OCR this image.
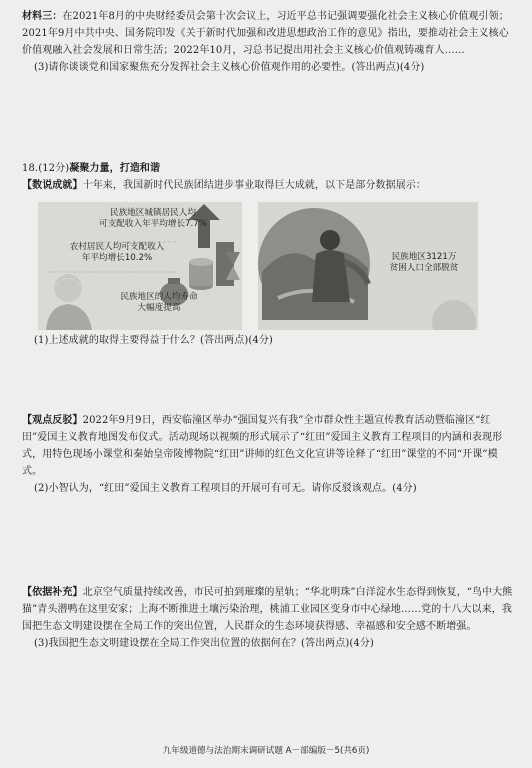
材料三：在2021年8月的中央财经委员会第十次会议上，习近平总书记强调要强化社会主义核心价值观引领；2021年9月中共中央、国务院印发《关于新时代加强和改进思想政治工作的意见》指出，要推动社会主义核心价值观融入社会发展和日常生活；2022年10月，习总书记提出用社会主义核心价值观铸魂育人……

(3)请你谈谈党和国家聚焦充分发挥社会主义核心价值观作用的必要性。(答出两点)(4分)

18.(12分)凝聚力量，打造和谐

【数说成就】十年来，我国新时代民族团结进步事业取得巨大成就，以下是部分数据展示：

民族地区城镇居民人均
可支配收入年平均增长7.7%
农村居民人均可支配收入
年平均增长10.2%
民族地区的人均寿命
大幅度提高
民族地区3121万
贫困人口全部脱贫

(1)上述成就的取得主要得益于什么？(答出两点)(4分)

【观点反驳】2022年9月9日，西安临潼区举办“强国复兴有我”全市群众性主题宣传教育活动暨临潼区“红田”爱国主义教育地图发布仪式。活动现场以视频的形式展示了“红田”爱国主义教育工程项目的内涵和表现形式，用特色现场小课堂和秦始皇帝陵博物院“红田”讲师的红色文化宣讲等诠释了“红田”课堂的不同“开课”模式。

(2)小智认为，“红田”爱国主义教育工程项目的开展可有可无。请你反驳该观点。(4分)

【依据补充】北京空气质量持续改善，市民可拍到璀璨的星轨；“华北明珠”白洋淀水生态得到恢复，“鸟中大熊猫”青头潜鸭在这里安家；上海不断推进土壤污染治理，桃浦工业园区变身市中心绿地……党的十八大以来，我国把生态文明建设摆在全局工作的突出位置，人民群众的生态环境获得感、幸福感和安全感不断增强。

(3)我国把生态文明建设摆在全局工作突出位置的依据何在？(答出两点)(4分)

九年级道德与法治期末调研试题 A－部编版－5(共6页)
